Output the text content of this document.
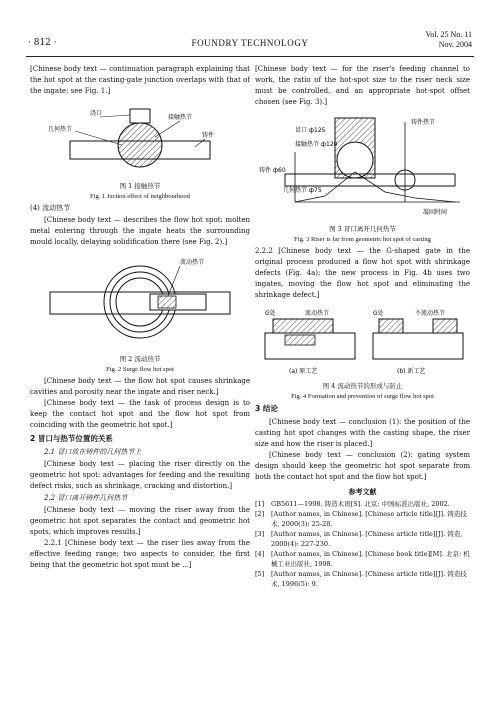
· 812 ·	FOUNDRY TECHNOLOGY
Vol. 25 No. 11
Nov. 2004

[Chinese body text — continuation paragraph explaining that the hot spot at the casting-gate junction overlaps with that of the ingate; see Fig. 1.]

浇口
几何热节
接触热节
铸件
图 1 接触热节
Fig. 1 Juction effect of neighbourhood
(4) 流动热节

[Chinese body text — describes the flow hot spot: molten metal entering through the ingate heats the surrounding mould locally, delaying solidification there (see Fig. 2).]

流动热节
图 2 流动热节
Fig. 2 Surge flow hot spot

[Chinese body text — the flow hot spot causes shrinkage cavities and porosity near the ingate and riser neck.]

[Chinese body text — the task of process design is to keep the contact hot spot and the flow hot spot from coinciding with the geometric hot spot.]

2 冒口与热节位置的关系
2.1 冒口放在铸件的几何热节上

[Chinese body text — placing the riser directly on the geometric hot spot: advantages for feeding and the resulting defect risks, such as shrinkage, cracking and distortion.]

2.2 冒口离开铸件几何热节

[Chinese body text — moving the riser away from the geometric hot spot separates the contact and geometric hot spots, which improves results.]

2.2.1 [Chinese body text — the riser lies away from the effective feeding range; two aspects to consider, the first being that the geometric hot spot must be ...]

[Chinese body text — for the riser's feeding channel to work, the ratio of the hot-spot size to the riser neck size must be controlled, and an appropriate hot-spot offset chosen (see Fig. 3).]

铸件热节
冒口 ф125
接触热节 ф120
铸件 ф60
几何热节 ф75
凝固时间
图 3 冒口离开几何热节
Fig. 3 Riser is far from geometric hot spot of casting

2.2.2 [Chinese body text — the G-shaped gate in the original process produced a flow hot spot with shrinkage defects (Fig. 4a); the new process in Fig. 4b uses two ingates, moving the flow hot spot and eliminating the shrinkage defect.]

G处	流动热节
(a) 原工艺
G处	不流动热节
(b) 新工艺
图 4 流动热节的形成与防止
Fig. 4 Formation and prevention of surge flow hot spot
3 结论

[Chinese body text — conclusion (1): the position of the casting hot spot changes with the casting shape, the riser size and how the riser is placed.]

[Chinese body text — conclusion (2): gating system design should keep the geometric hot spot separate from both the contact hot spot and the flow hot spot.]

参考文献
[1]	GB5611—1998. 铸造术语[S]. 北京: 中国标准出版社, 2002.
[2]	[Author names, in Chinese]. [Chinese article title][J]. 铸造技术, 2000(3): 25-28.
[3]	[Author names, in Chinese]. [Chinese article title][J]. 铸造, 2000(4): 227-230.
[4]	[Author names, in Chinese]. [Chinese book title][M]. 北京: 机械工业出版社, 1998.
[5]	[Author names, in Chinese]. [Chinese article title][J]. 铸造技术, 1996(5): 9.
